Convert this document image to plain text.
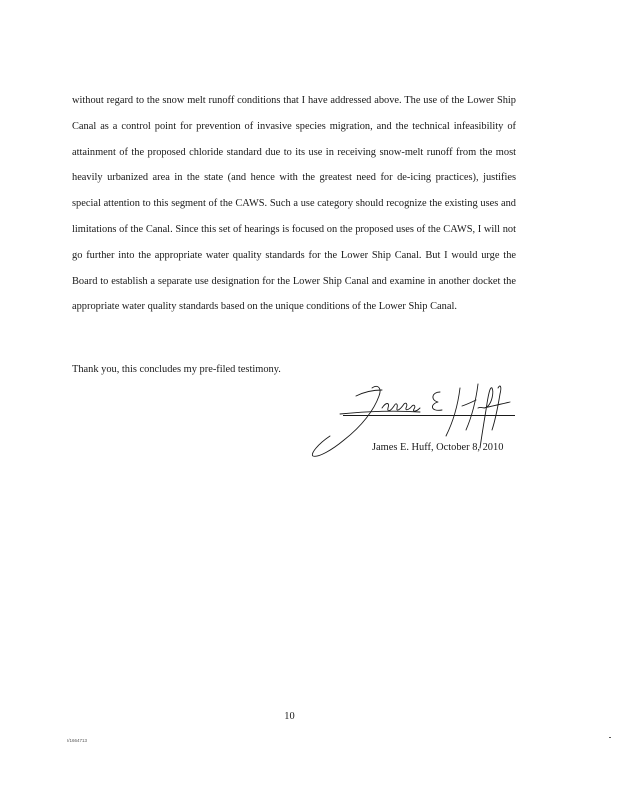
without regard to the snow melt runoff conditions that I have addressed above. The use of the Lower Ship Canal as a control point for prevention of invasive species migration, and the technical infeasibility of attainment of the proposed chloride standard due to its use in receiving snow-melt runoff from the most heavily urbanized area in the state (and hence with the greatest need for de-icing practices), justifies special attention to this segment of the CAWS. Such a use category should recognize the existing uses and limitations of the Canal. Since this set of hearings is focused on the proposed uses of the CAWS, I will not go further into the appropriate water quality standards for the Lower Ship Canal. But I would urge the Board to establish a separate use designation for the Lower Ship Canal and examine in another docket the appropriate water quality standards based on the unique conditions of the Lower Ship Canal.

Thank you, this concludes my pre-filed testimony.

James E. Huff, October 8, 2010

10

I/1664713
